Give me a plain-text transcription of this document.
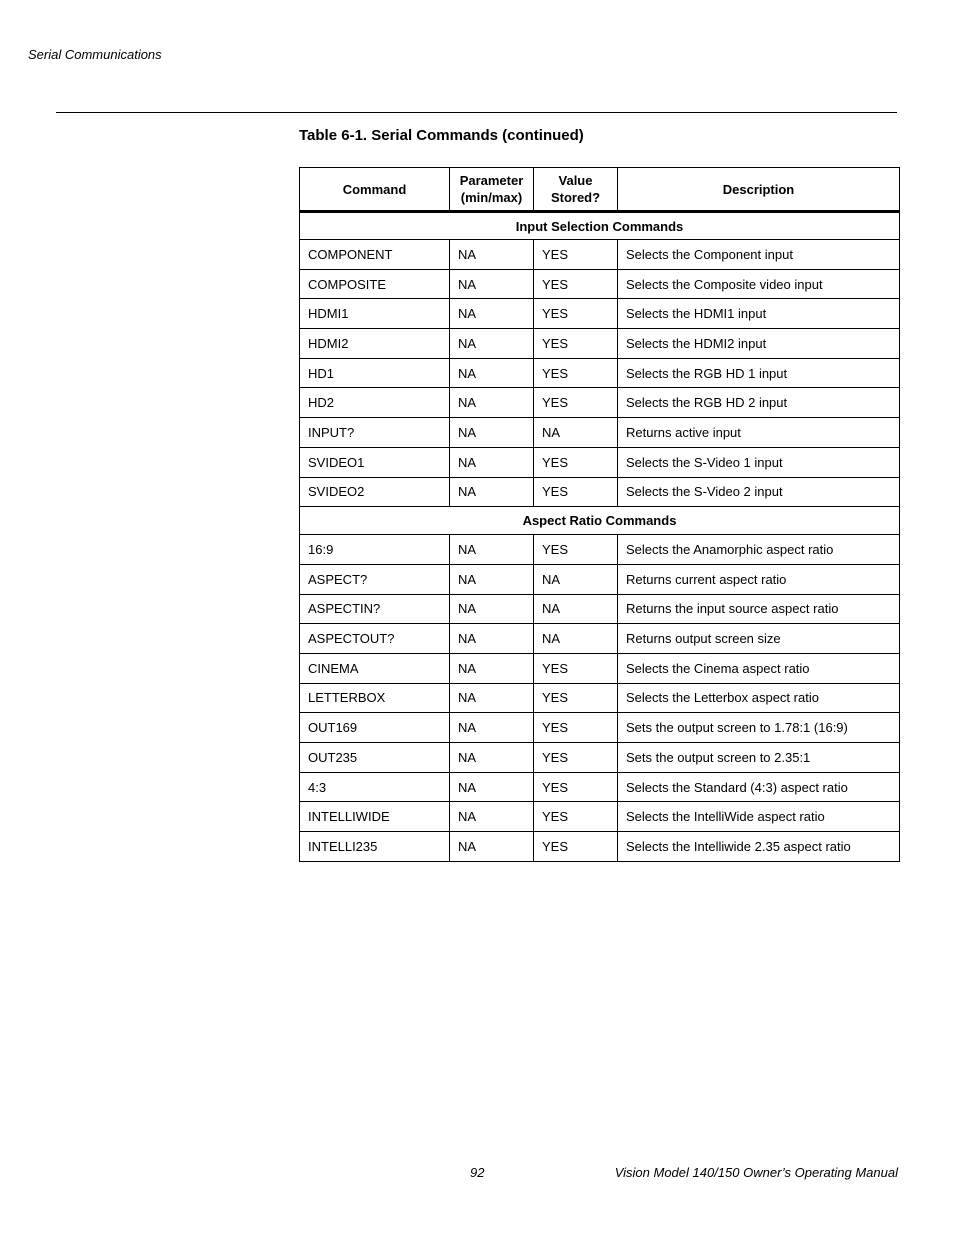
Serial Communications
Table 6-1. Serial Commands (continued)
Command	Parameter (min/max)	Value Stored?	Description
Input Selection Commands			
COMPONENT	NA	YES	Selects the Component input
COMPOSITE	NA	YES	Selects the Composite video input
HDMI1	NA	YES	Selects the HDMI1 input
HDMI2	NA	YES	Selects the HDMI2 input
HD1	NA	YES	Selects the RGB HD 1 input
HD2	NA	YES	Selects the RGB HD 2 input
INPUT?	NA	NA	Returns active input
SVIDEO1	NA	YES	Selects the S-Video 1 input
SVIDEO2	NA	YES	Selects the S-Video 2 input
Aspect Ratio Commands			
16:9	NA	YES	Selects the Anamorphic aspect ratio
ASPECT?	NA	NA	Returns current aspect ratio
ASPECTIN?	NA	NA	Returns the input source aspect ratio
ASPECTOUT?	NA	NA	Returns output screen size
CINEMA	NA	YES	Selects the Cinema aspect ratio
LETTERBOX	NA	YES	Selects the Letterbox aspect ratio
OUT169	NA	YES	Sets the output screen to 1.78:1 (16:9)
OUT235	NA	YES	Sets the output screen to 2.35:1
4:3	NA	YES	Selects the Standard (4:3) aspect ratio
INTELLIWIDE	NA	YES	Selects the IntelliWide aspect ratio
INTELLI235	NA	YES	Selects the Intelliwide 2.35 aspect ratio
92	Vision Model 140/150 Owner’s Operating Manual
